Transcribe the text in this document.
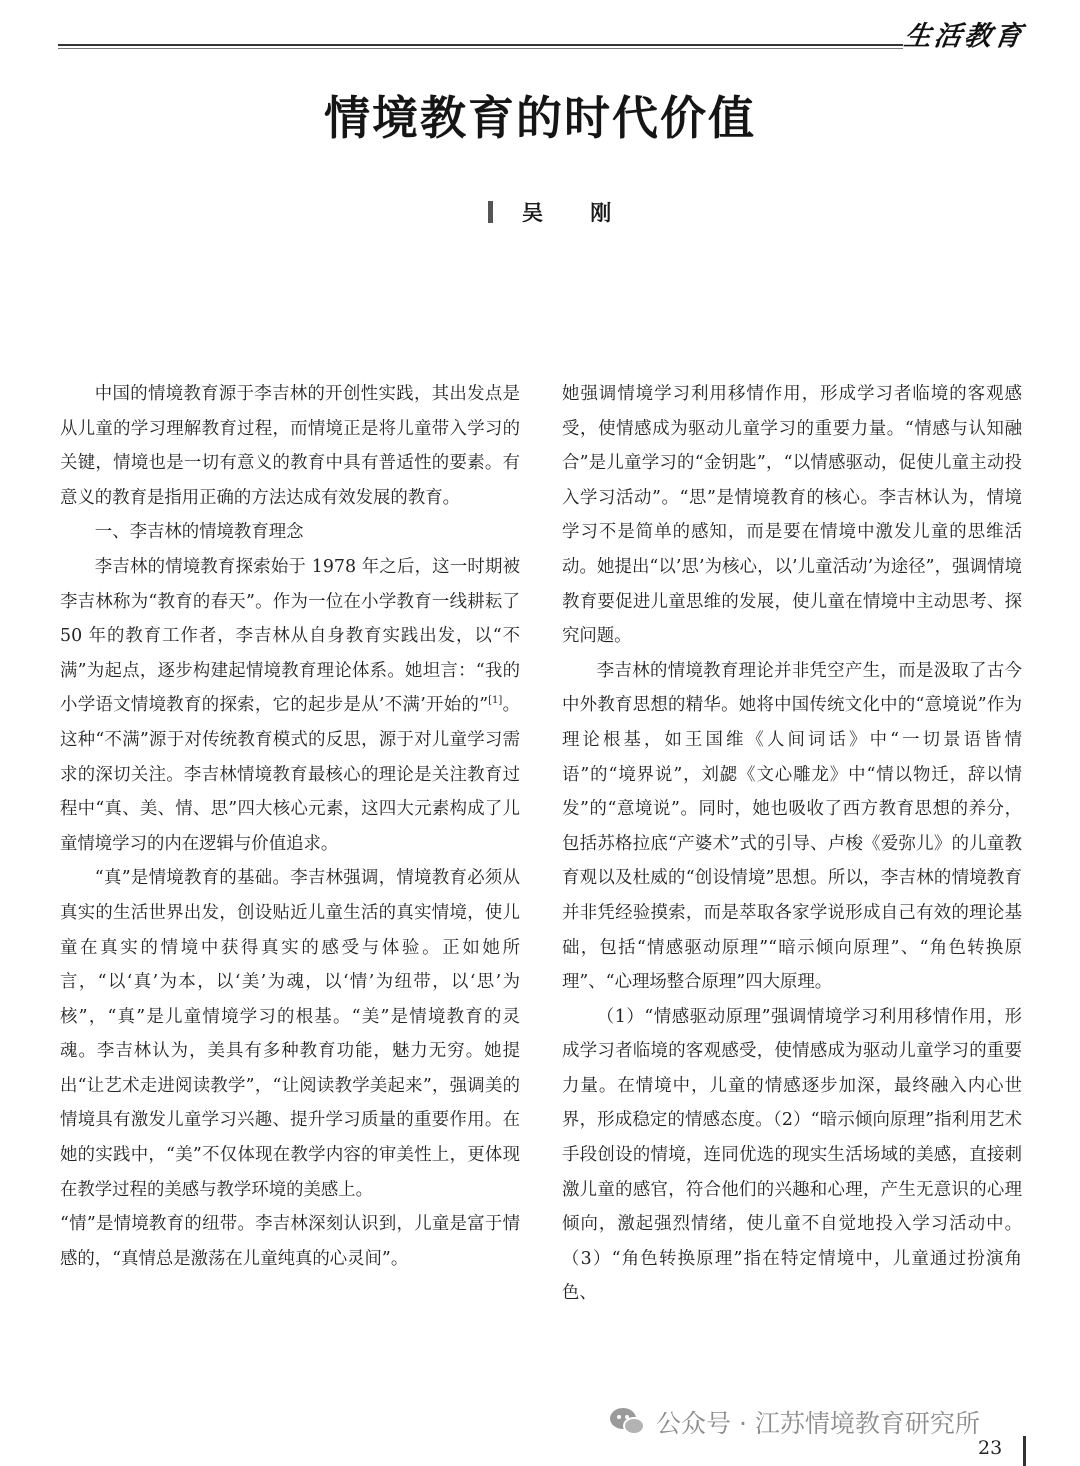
生活教育
情境教育的时代价值
吴 刚

中国的情境教育源于李吉林的开创性实践，其出发点是从儿童的学习理解教育过程，而情境正是将儿童带入学习的关键，情境也是一切有意义的教育中具有普适性的要素。有意义的教育是指用正确的方法达成有效发展的教育。

一、李吉林的情境教育理念

李吉林的情境教育探索始于 1978 年之后，这一时期被李吉林称为“教育的春天”。作为一位在小学教育一线耕耘了 50 年的教育工作者，李吉林从自身教育实践出发，以“不满”为起点，逐步构建起情境教育理论体系。她坦言：“我的小学语文情境教育的探索，它的起步是从’不满’开始的”[1]。这种“不满”源于对传统教育模式的反思，源于对儿童学习需求的深切关注。李吉林情境教育最核心的理论是关注教育过程中“真、美、情、思”四大核心元素，这四大元素构成了儿童情境学习的内在逻辑与价值追求。

“真”是情境教育的基础。李吉林强调，情境教育必须从真实的生活世界出发，创设贴近儿童生活的真实情境，使儿童在真实的情境中获得真实的感受与体验。正如她所言，“以‘真’为本，以‘美’为魂，以‘情’为纽带，以‘思’为核”，“真”是儿童情境学习的根基。“美”是情境教育的灵魂。李吉林认为，美具有多种教育功能，魅力无穷。她提出“让艺术走进阅读教学”，“让阅读教学美起来”，强调美的情境具有激发儿童学习兴趣、提升学习质量的重要作用。在她的实践中，“美”不仅体现在教学内容的审美性上，更体现在教学过程的美感与教学环境的美感上。

“情”是情境教育的纽带。李吉林深刻认识到，儿童是富于情感的，“真情总是激荡在儿童纯真的心灵间”。

她强调情境学习利用移情作用，形成学习者临境的客观感受，使情感成为驱动儿童学习的重要力量。“情感与认知融合”是儿童学习的“金钥匙”，“以情感驱动，促使儿童主动投入学习活动”。“思”是情境教育的核心。李吉林认为，情境学习不是简单的感知，而是要在情境中激发儿童的思维活动。她提出“以’思’为核心，以’儿童活动’为途径”，强调情境教育要促进儿童思维的发展，使儿童在情境中主动思考、探究问题。

李吉林的情境教育理论并非凭空产生，而是汲取了古今中外教育思想的精华。她将中国传统文化中的“意境说”作为理论根基，如王国维《人间词话》中“一切景语皆情语”的“境界说”，刘勰《文心雕龙》中“情以物迁，辞以情发”的“意境说”。同时，她也吸收了西方教育思想的养分，包括苏格拉底“产婆术”式的引导、卢梭《爱弥儿》的儿童教育观以及杜威的“创设情境”思想。所以，李吉林的情境教育并非凭经验摸索，而是萃取各家学说形成自己有效的理论基础，包括“情感驱动原理”“暗示倾向原理”、“角色转换原理”、“心理场整合原理”四大原理。

（1）“情感驱动原理”强调情境学习利用移情作用，形成学习者临境的客观感受，使情感成为驱动儿童学习的重要力量。在情境中，儿童的情感逐步加深，最终融入内心世界，形成稳定的情感态度。（2）“暗示倾向原理”指利用艺术手段创设的情境，连同优选的现实生活场域的美感，直接刺激儿童的感官，符合他们的兴趣和心理，产生无意识的心理倾向，激起强烈情绪，使儿童不自觉地投入学习活动中。（3）“角色转换原理”指在特定情境中，儿童通过扮演角色、

公众号 · 江苏情境教育研究所
23
